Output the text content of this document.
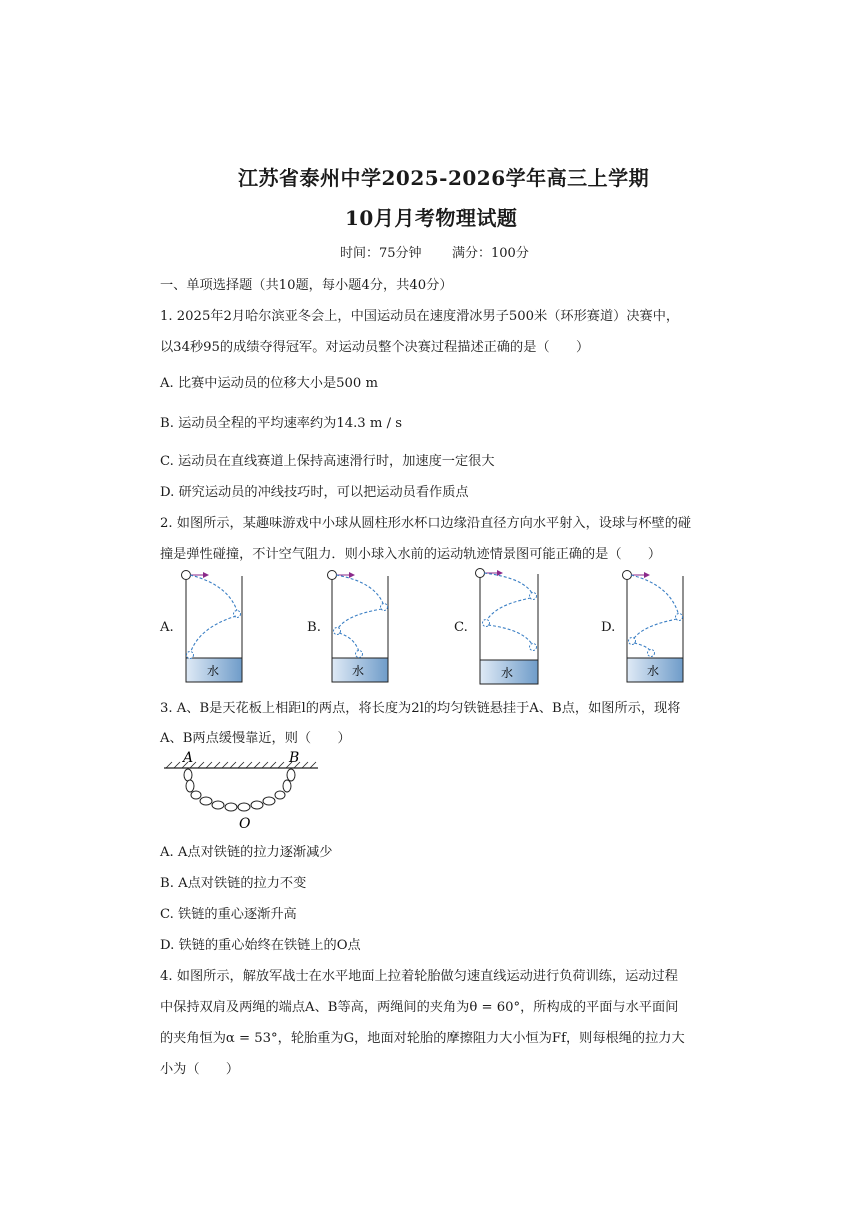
江苏省泰州中学2025-2026学年高三上学期
10月月考物理试题
时间：75分钟 满分：100分
一、单项选择题（共10题，每小题4分，共40分）
1. 2025年2月哈尔滨亚冬会上，中国运动员在速度滑冰男子500米（环形赛道）决赛中，
以34秒95的成绩夺得冠军。对运动员整个决赛过程描述正确的是（　　）
A. 比赛中运动员的位移大小是500 m
B. 运动员全程的平均速率约为14.3 m / s
C. 运动员在直线赛道上保持高速滑行时，加速度一定很大
D. 研究运动员的冲线技巧时，可以把运动员看作质点
2. 如图所示，某趣味游戏中小球从圆柱形水杯口边缘沿直径方向水平射入，设球与杯壁的碰
撞是弹性碰撞，不计空气阻力．则小球入水前的运动轨迹情景图可能正确的是（　　）
A.	B.	C.	D.
水	水	水	水
3. A、B是天花板上相距l的两点，将长度为2l的均匀铁链悬挂于A、B点，如图所示，现将
A、B两点缓慢靠近，则（　　）
A	B
O
A. A点对铁链的拉力逐渐减少
B. A点对铁链的拉力不变
C. 铁链的重心逐渐升高
D. 铁链的重心始终在铁链上的O点
4. 如图所示，解放军战士在水平地面上拉着轮胎做匀速直线运动进行负荷训练，运动过程
中保持双肩及两绳的端点A、B等高，两绳间的夹角为θ = 60°，所构成的平面与水平面间
的夹角恒为α = 53°，轮胎重为G，地面对轮胎的摩擦阻力大小恒为Ff，则每根绳的拉力大
小为（　　）
